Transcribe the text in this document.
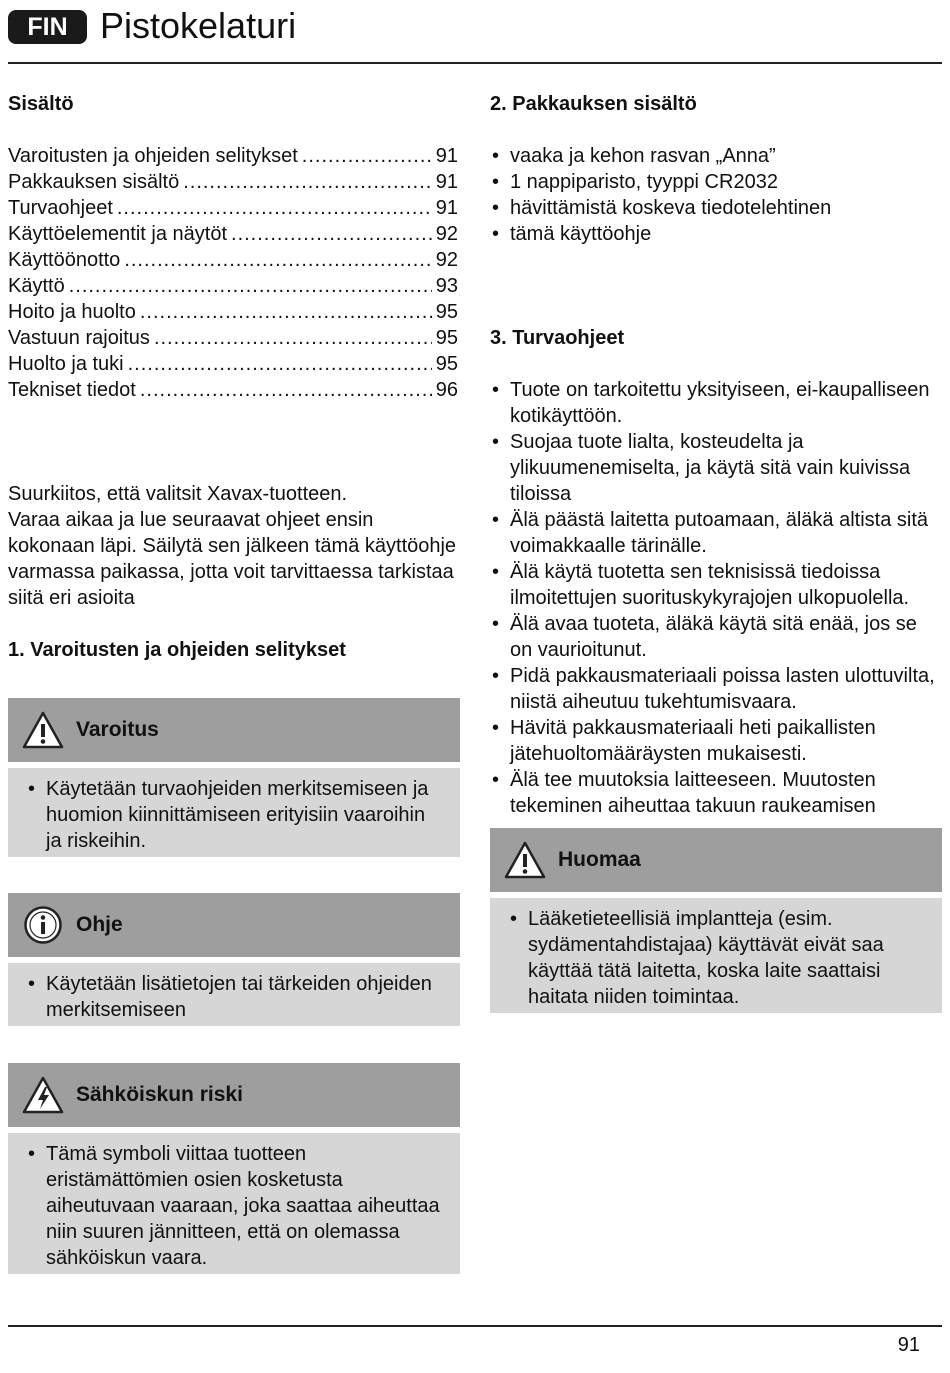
FIN Pistokelaturi
Sisältö
Varoitusten ja ohjeiden selitykset .....	91
Pakkauksen sisältö .....	91
Turvaohjeet .....	91
Käyttöelementit ja näytöt .....	92
Käyttöönotto .....	92
Käyttö .....	93
Hoito ja huolto .....	95
Vastuun rajoitus .....	95
Huolto ja tuki .....	95
Tekniset tiedot .....	96

Suurkiitos, että valitsit Xavax-tuotteen.

Varaa aikaa ja lue seuraavat ohjeet ensin kokonaan läpi. Säilytä sen jälkeen tämä käyttöohje varmassa paikassa, jotta voit tarvittaessa tarkistaa siitä eri asioita

1. Varoitusten ja ohjeiden selitykset
Varoitus
• Käytetään turvaohjeiden merkitsemiseen ja huomion kiinnittämiseen erityisiin vaaroihin ja riskeihin.
Ohje
• Käytetään lisätietojen tai tärkeiden ohjeiden merkitsemiseen
Sähköiskun riski
• Tämä symboli viittaa tuotteen eristämättömien osien kosketusta aiheutuvaan vaaraan, joka saattaa aiheuttaa niin suuren jännitteen, että on olemassa sähköiskun vaara.
2. Pakkauksen sisältö
• vaaka ja kehon rasvan „Anna”
• 1 nappiparisto, tyyppi CR2032
• hävittämistä koskeva tiedotelehtinen
• tämä käyttöohje
3. Turvaohjeet
• Tuote on tarkoitettu yksityiseen, ei-kaupalliseen kotikäyttöön.
• Suojaa tuote lialta, kosteudelta ja ylikuumenemiselta, ja käytä sitä vain kuivissa tiloissa
• Älä päästä laitetta putoamaan, äläkä altista sitä voimakkaalle tärinälle.
• Älä käytä tuotetta sen teknisissä tiedoissa ilmoitettujen suorituskykyrajojen ulkopuolella.
• Älä avaa tuoteta, äläkä käytä sitä enää, jos se on vaurioitunut.
• Pidä pakkausmateriaali poissa lasten ulottuvilta, niistä aiheutuu tukehtumisvaara.
• Hävitä pakkausmateriaali heti paikallisten jätehuoltomääräysten mukaisesti.
• Älä tee muutoksia laitteeseen. Muutosten tekeminen aiheuttaa takuun raukeamisen
Huomaa
• Lääketieteellisiä implantteja (esim. sydämentahdistajaa) käyttävät eivät saa käyttää tätä laitetta, koska laite saattaisi haitata niiden toimintaa.
91
